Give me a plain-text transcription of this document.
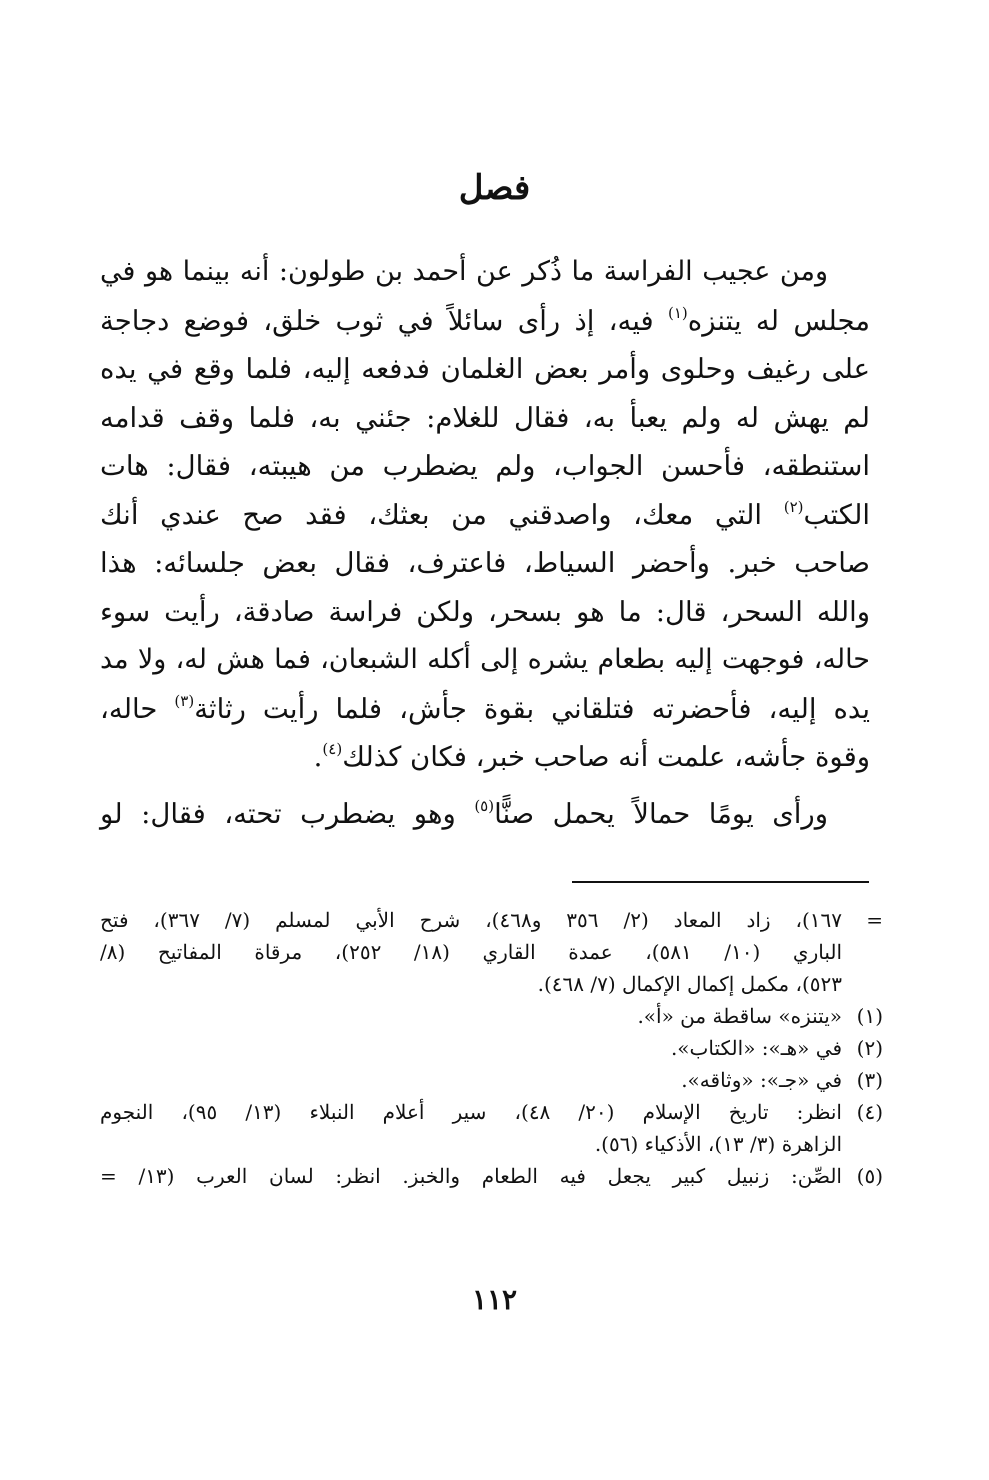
فصل
ومن عجيب الفراسة ما ذُكر عن أحمد بن طولون: أنه بينما هو في
مجلس له يتنزه$^{(١)}$ فيه، إذ رأى سائلاً في ثوب خلق، فوضع دجاجة
على رغيف وحلوى وأمر بعض الغلمان فدفعه إليه، فلما وقع في يده
لم يهش له ولم يعبأ به، فقال للغلام: جئني به، فلما وقف قدامه
استنطقه، فأحسن الجواب، ولم يضطرب من هيبته، فقال: هات
الكتب$^{(٢)}$ التي معك، واصدقني من بعثك، فقد صح عندي أنك
صاحب خبر. وأحضر السياط، فاعترف، فقال بعض جلسائه: هذا
والله السحر، قال: ما هو بسحر، ولكن فراسة صادقة، رأيت سوء
حاله، فوجهت إليه بطعام يشره إلى أكله الشبعان، فما هش له، ولا مد
يده إليه، فأحضرته فتلقاني بقوة جأش، فلما رأيت رثاثة$^{(٣)}$ حاله،
وقوة جأشه، علمت أنه صاحب خبر، فكان كذلك$^{(٤)}$.
ورأى يومًا حمالاً يحمل صنًّا$^{(٥)}$ وهو يضطرب تحته، فقال: لو
=
١٦٧)، زاد المعاد (٢/ ٣٥٦ و٤٦٨)، شرح الأبي لمسلم (٧/ ٣٦٧)، فتح
الباري (١٠/ ٥٨١)، عمدة القاري (١٨/ ٢٥٢)، مرقاة المفاتيح (٨/
٥٢٣)، مكمل إكمال الإكمال (٧/ ٤٦٨).
(١)
«يتنزه» ساقطة من «أ».
(٢)
في «هـ»: «الكتاب».
(٣)
في «جـ»: «وثاقه».
(٤)
انظر: تاريخ الإسلام (٢٠/ ٤٨)، سير أعلام النبلاء (١٣/ ٩٥)، النجوم
الزاهرة (٣/ ١٣)، الأذكياء (٥٦).
(٥)
الصِّن: زنبيل كبير يجعل فيه الطعام والخبز. انظر: لسان العرب (١٣/ =
١١٢
